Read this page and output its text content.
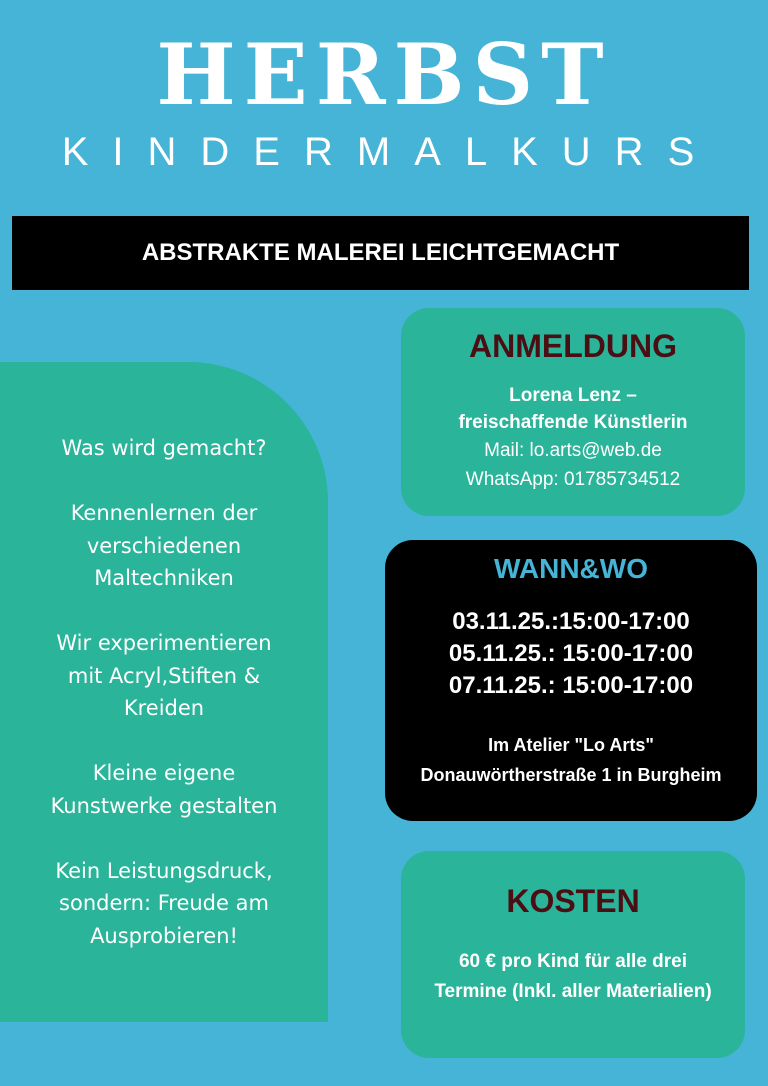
HERBST
KINDERMALKURS
ABSTRAKTE MALEREI LEICHTGEMACHT

Was wird gemacht?

Kennenlernen der
verschiedenen
Maltechniken

Wir experimentieren
mit Acryl,Stiften &
Kreiden

Kleine eigene
Kunstwerke gestalten

Kein Leistungsdruck,
sondern: Freude am
Ausprobieren!

ANMELDUNG
Lorena Lenz –
freischaffende Künstlerin
Mail: lo.arts@web.de
WhatsApp: 01785734512
WANN&WO
03.11.25.:15:00-17:00
05.11.25.: 15:00-17:00
07.11.25.: 15:00-17:00
Im Atelier "Lo Arts"
Donauwörtherstraße 1 in Burgheim
KOSTEN
60 € pro Kind für alle drei
Termine (Inkl. aller Materialien)
